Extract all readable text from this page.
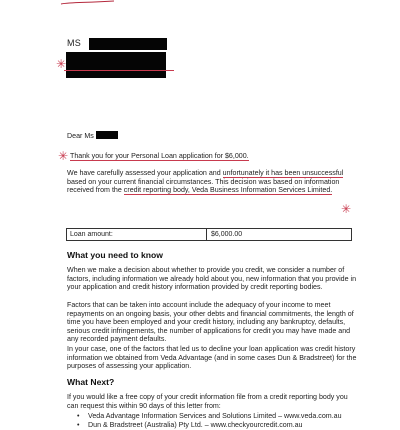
MS
✳
Dear Ms
✳ Thank you for your Personal Loan application for $6,000.
We have carefully assessed your application and unfortunately it has been unsuccessful based on your current financial circumstances. This decision was based on information received from the credit reporting body, Veda Business Information Services Limited.
✳
Loan amount:	$6,000.00
What you need to know
When we make a decision about whether to provide you credit, we consider a number of factors, including information we already hold about you, new information that you provide in your application and credit history information provided by credit reporting bodies.
Factors that can be taken into account include the adequacy of your income to meet repayments on an ongoing basis, your other debts and financial commitments, the length of time you have been employed and your credit history, including any bankruptcy, defaults, serious credit infringements, the number of applications for credit you may have made and any recorded payment defaults.
In your case, one of the factors that led us to decline your loan application was credit history information we obtained from Veda Advantage (and in some cases Dun & Bradstreet) for the purposes of assessing your application.
What Next?
If you would like a free copy of your credit information file from a credit reporting body you can request this within 90 days of this letter from:
• Veda Advantage Information Services and Solutions Limited – www.veda.com.au
• Dun & Bradstreet (Australia) Pty Ltd. – www.checkyourcredit.com.au
